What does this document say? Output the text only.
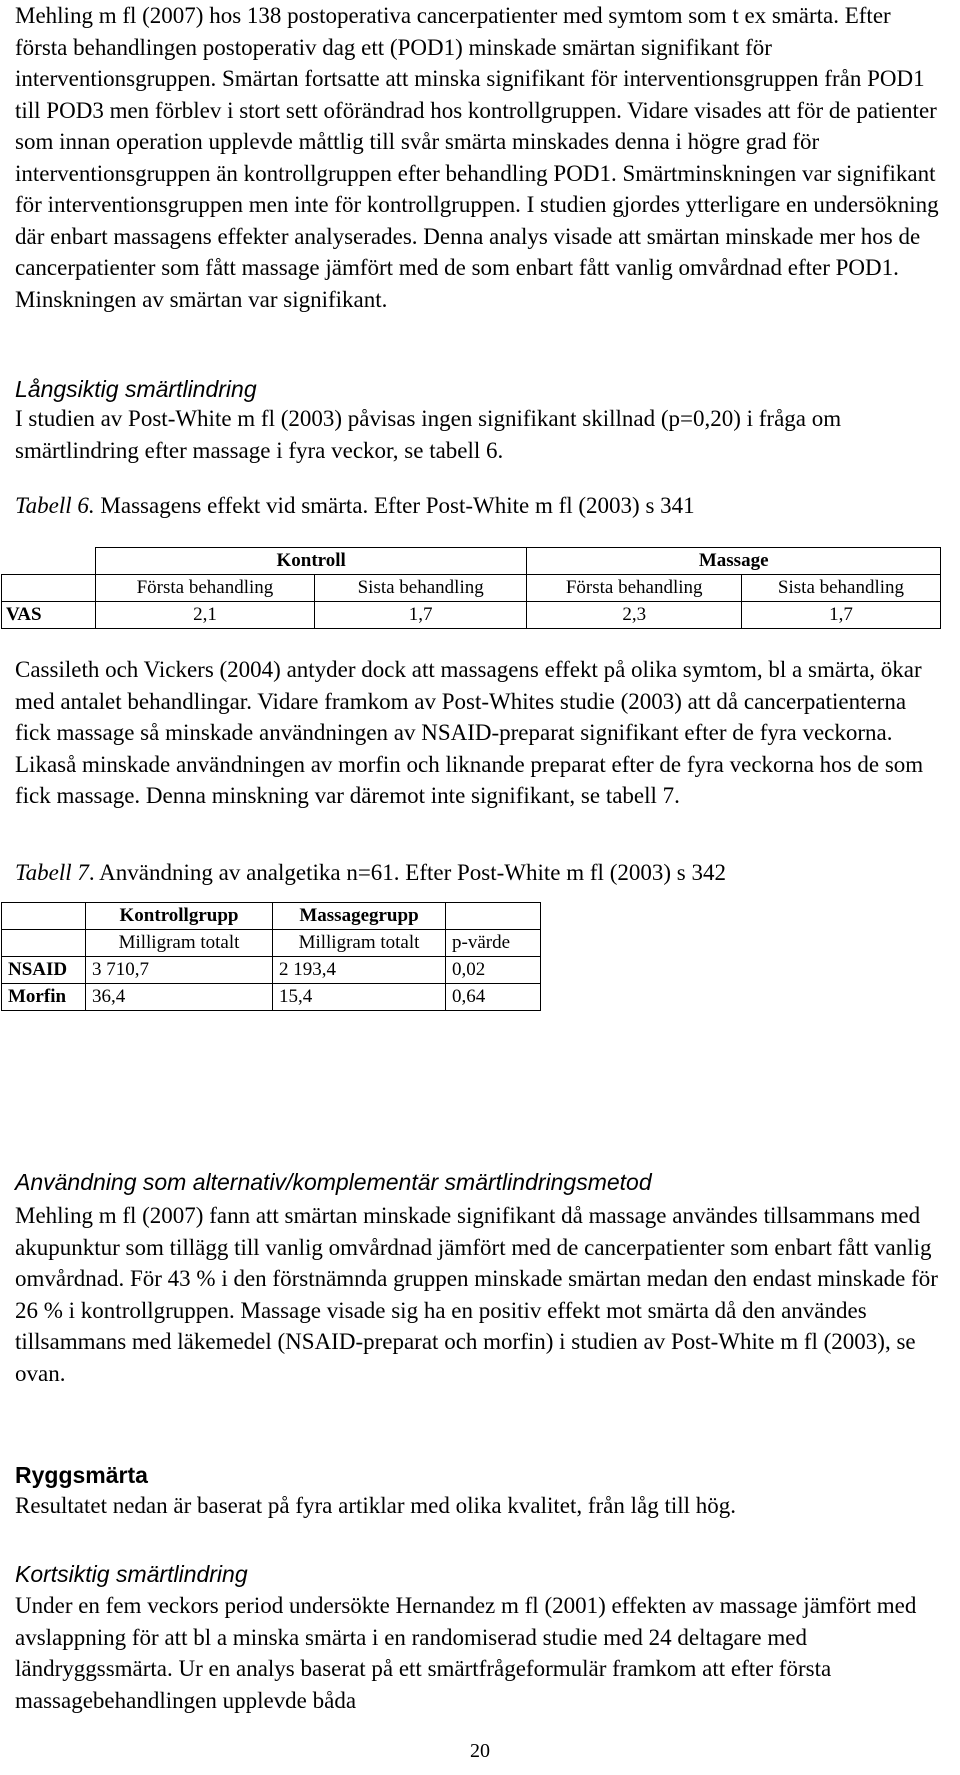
Mehling m fl (2007) hos 138 postoperativa cancerpatienter med symtom som t ex smärta. Efter första behandlingen postoperativ dag ett (POD1) minskade smärtan signifikant för interventionsgruppen. Smärtan fortsatte att minska signifikant för interventionsgruppen från POD1 till POD3 men förblev i stort sett oförändrad hos kontrollgruppen. Vidare visades att för de patienter som innan operation upplevde måttlig till svår smärta minskades denna i högre grad för interventionsgruppen än kontrollgruppen efter behandling POD1. Smärtminskningen var signifikant för interventionsgruppen men inte för kontrollgruppen. I studien gjordes ytterligare en undersökning där enbart massagens effekter analyserades. Denna analys visade att smärtan minskade mer hos de cancerpatienter som fått massage jämfört med de som enbart fått vanlig omvårdnad efter POD1. Minskningen av smärtan var signifikant.

Långsiktig smärtlindring

I studien av Post-White m fl (2003) påvisas ingen signifikant skillnad (p=0,20) i fråga om smärtlindring efter massage i fyra veckor, se tabell 6.

Tabell 6. Massagens effekt vid smärta. Efter Post-White m fl (2003) s 341
	Kontroll		Massage	
	Första behandling	Sista behandling	Första behandling	Sista behandling
VAS	2,1	1,7	2,3	1,7

Cassileth och Vickers (2004) antyder dock att massagens effekt på olika symtom, bl a smärta, ökar med antalet behandlingar. Vidare framkom av Post-Whites studie (2003) att då cancerpatienterna fick massage så minskade användningen av NSAID-preparat signifikant efter de fyra veckorna. Likaså minskade användningen av morfin och liknande preparat efter de fyra veckorna hos de som fick massage. Denna minskning var däremot inte signifikant, se tabell 7.

Tabell 7. Användning av analgetika n=61. Efter Post-White m fl (2003) s 342
	Kontrollgrupp	Massagegrupp	
	Milligram totalt	Milligram totalt	p-värde
NSAID	3 710,7	2 193,4	0,02
Morfin	36,4	15,4	0,64
Användning som alternativ/komplementär smärtlindringsmetod

Mehling m fl (2007) fann att smärtan minskade signifikant då massage användes tillsammans med akupunktur som tillägg till vanlig omvårdnad jämfört med de cancerpatienter som enbart fått vanlig omvårdnad. För 43 % i den förstnämnda gruppen minskade smärtan medan den endast minskade för 26 % i kontrollgruppen. Massage visade sig ha en positiv effekt mot smärta då den användes tillsammans med läkemedel (NSAID-preparat och morfin) i studien av Post-White m fl (2003), se ovan.

Ryggsmärta

Resultatet nedan är baserat på fyra artiklar med olika kvalitet, från låg till hög.

Kortsiktig smärtlindring

Under en fem veckors period undersökte Hernandez m fl (2001) effekten av massage jämfört med avslappning för att bl a minska smärta i en randomiserad studie med 24 deltagare med ländryggssmärta. Ur en analys baserat på ett smärtfrågeformulär framkom att efter första massagebehandlingen upplevde båda

20
